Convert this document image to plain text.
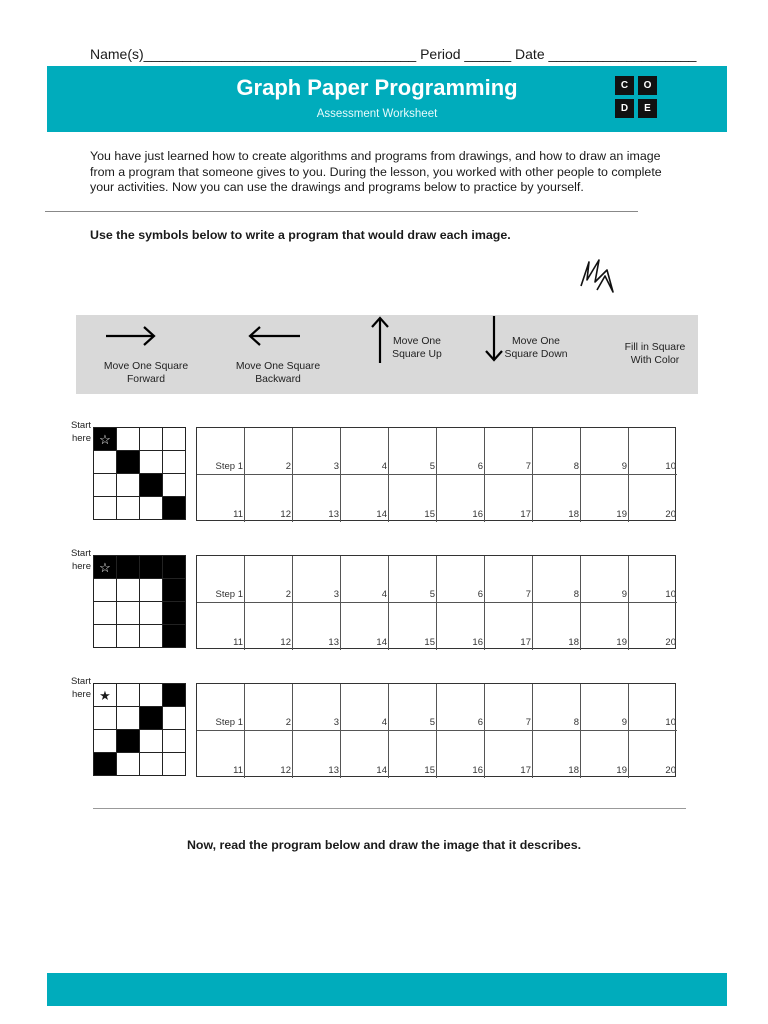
Name(s)___________________________________ Period ______ Date ___________________
Graph Paper Programming
Assessment Worksheet
C	O
D	E
You have just learned how to create algorithms and programs from drawings, and how to draw an image from a program that someone gives to you. During the lesson, you worked with other people to complete your activities. Now you can use the drawings and programs below to practice by yourself.
Use the symbols below to write a program that would draw each image.
Move One Square
Forward
Move One Square
Backward
Move One
Square Up
Move One
Square Down
Fill in Square
With Color
Start
here ☆			

Step 1	2	3	4	5	6	7	8	9	10
11	12	13	14	15	16	17	18	19	20
Start
here ☆			

Step 1	2	3	4	5	6	7	8	9	10
11	12	13	14	15	16	17	18	19	20
Start
here ★			

Step 1	2	3	4	5	6	7	8	9	10
11	12	13	14	15	16	17	18	19	20
Now, read the program below and draw the image that it describes.
